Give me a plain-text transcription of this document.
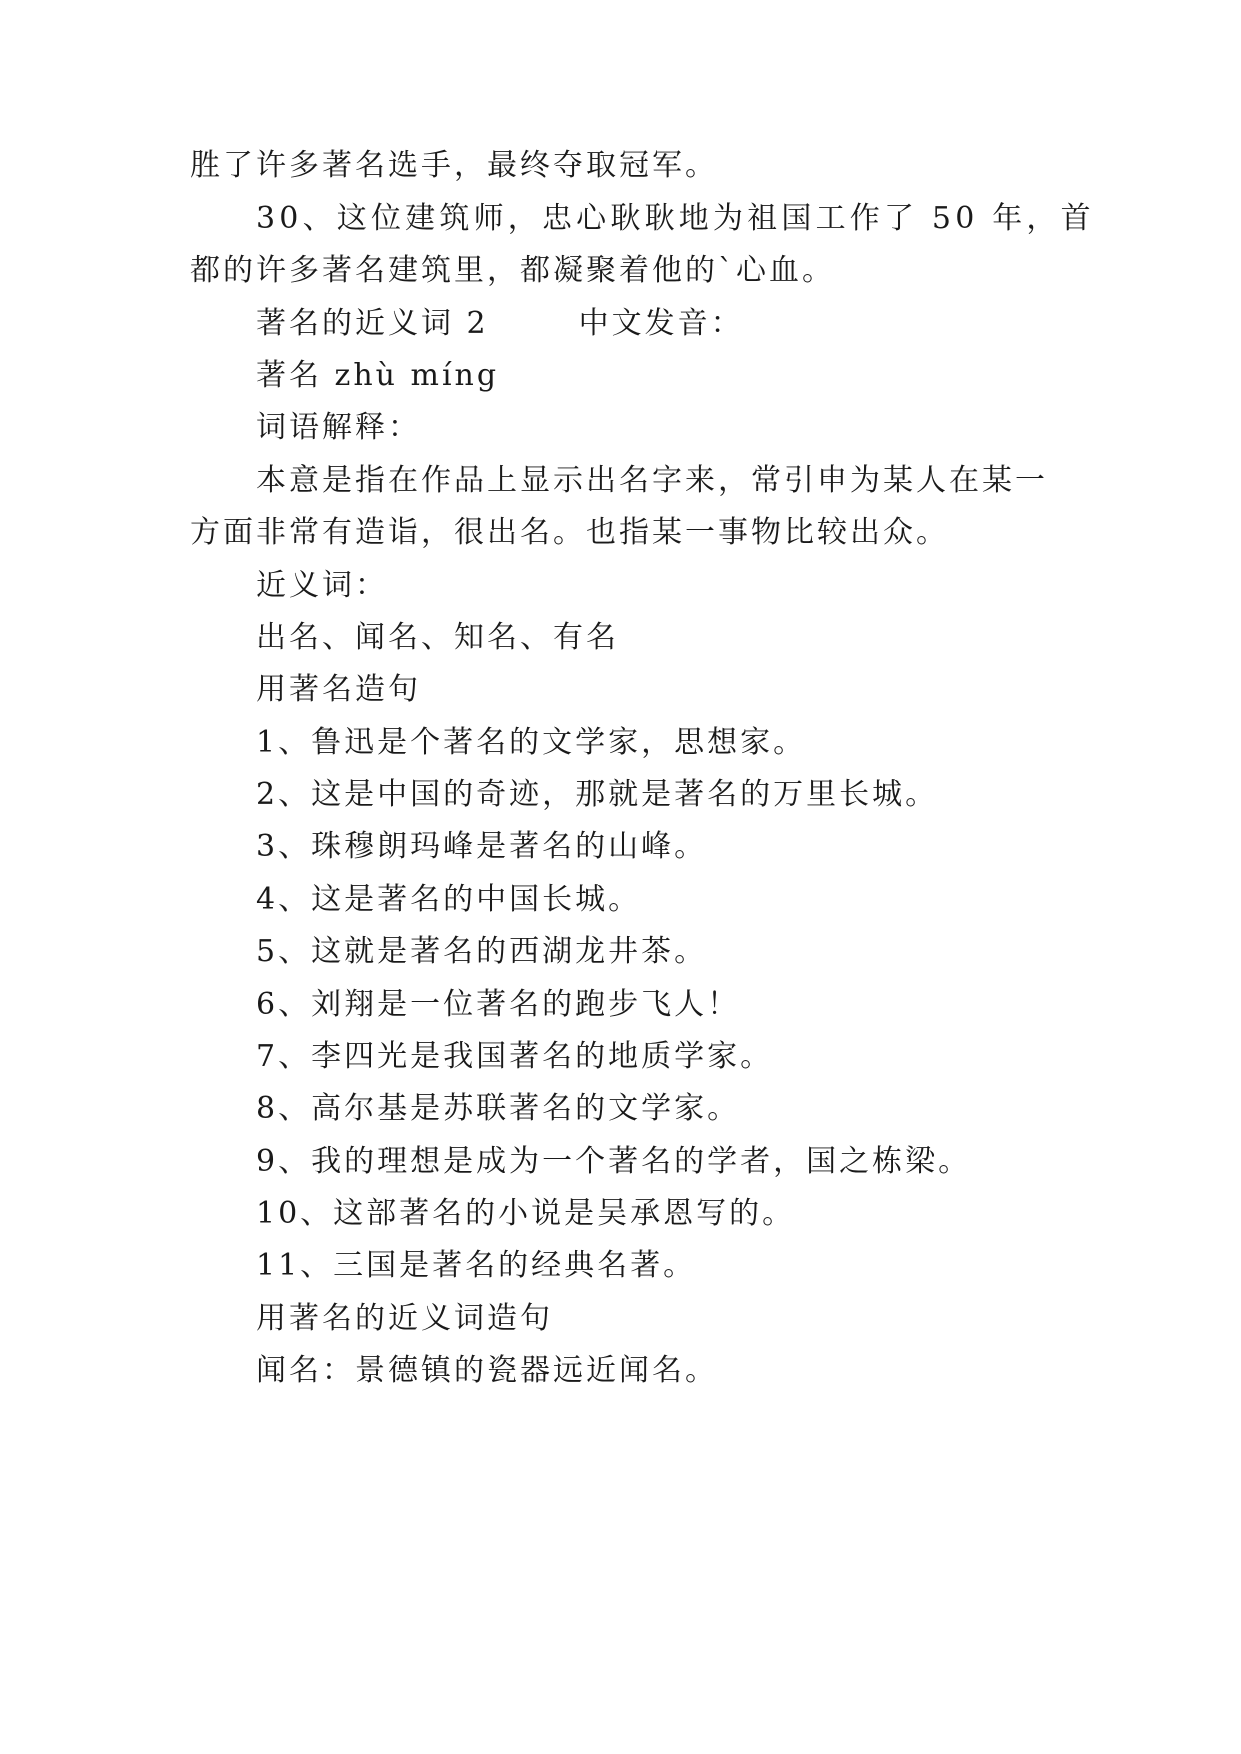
胜了许多著名选手，最终夺取冠军。
30、这位建筑师，忠心耿耿地为祖国工作了 50 年，首
都的许多著名建筑里，都凝聚着他的`心血。
著名的近义词 2	中文发音：
著名 zhù míng
词语解释：
本意是指在作品上显示出名字来，常引申为某人在某一
方面非常有造诣，很出名。也指某一事物比较出众。
近义词：
出名、闻名、知名、有名
用著名造句
1、鲁迅是个著名的文学家，思想家。
2、这是中国的奇迹，那就是著名的万里长城。
3、珠穆朗玛峰是著名的山峰。
4、这是著名的中国长城。
5、这就是著名的西湖龙井茶。
6、刘翔是一位著名的跑步飞人！
7、李四光是我国著名的地质学家。
8、高尔基是苏联著名的文学家。
9、我的理想是成为一个著名的学者，国之栋梁。
10、这部著名的小说是吴承恩写的。
11、三国是著名的经典名著。
用著名的近义词造句
闻名：景德镇的瓷器远近闻名。
